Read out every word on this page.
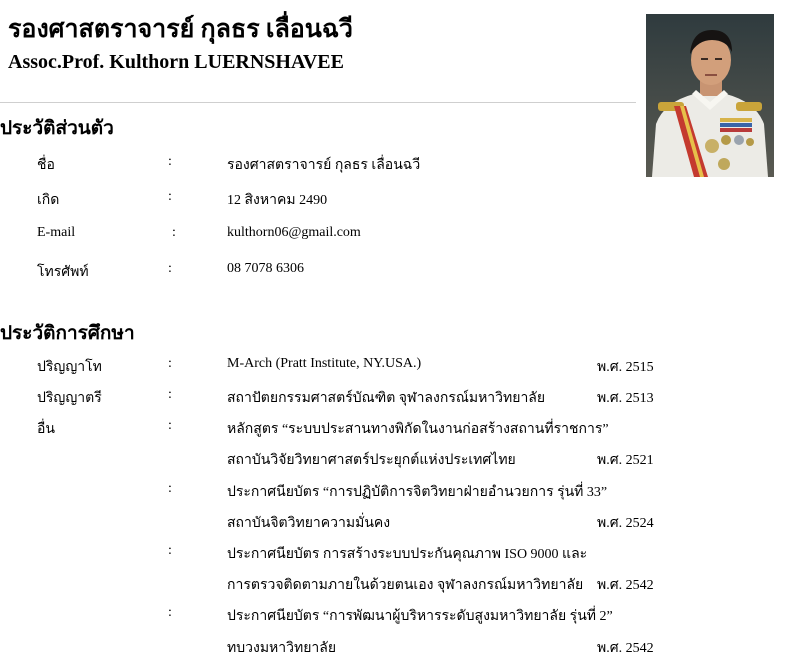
รองศาสตราจารย์ กุลธร เลื่อนฉวี
Assoc.Prof. Kulthorn LUERNSHAVEE
ประวัติส่วนตัว
ชื่อ	:	รองศาสตราจารย์ กุลธร เลื่อนฉวี
เกิด	:	12 สิงหาคม 2490
E-mail	:	kulthorn06@gmail.com
โทรศัพท์	:	08 7078 6306
ประวัติการศึกษา
ปริญญาโท	:	M-Arch (Pratt Institute, NY.USA.)	พ.ศ. 2515
ปริญญาตรี	:	สถาปัตยกรรมศาสตร์บัณฑิต จุฬาลงกรณ์มหาวิทยาลัย	พ.ศ. 2513
อื่น	:	หลักสูตร “ระบบประสานทางพิกัดในงานก่อสร้างสถานที่ราชการ”
สถาบันวิจัยวิทยาศาสตร์ประยุกต์แห่งประเทศไทย	พ.ศ. 2521
:	ประกาศนียบัตร “การปฏิบัติการจิตวิทยาฝ่ายอำนวยการ รุ่นที่ 33”
สถาบันจิตวิทยาความมั่นคง	พ.ศ. 2524
:	ประกาศนียบัตร การสร้างระบบประกันคุณภาพ ISO 9000 และ
การตรวจติดตามภายในด้วยตนเอง จุฬาลงกรณ์มหาวิทยาลัย พ.ศ. 2542
:	ประกาศนียบัตร “การพัฒนาผู้บริหารระดับสูงมหาวิทยาลัย รุ่นที่ 2”
ทบวงมหาวิทยาลัย	พ.ศ. 2542
